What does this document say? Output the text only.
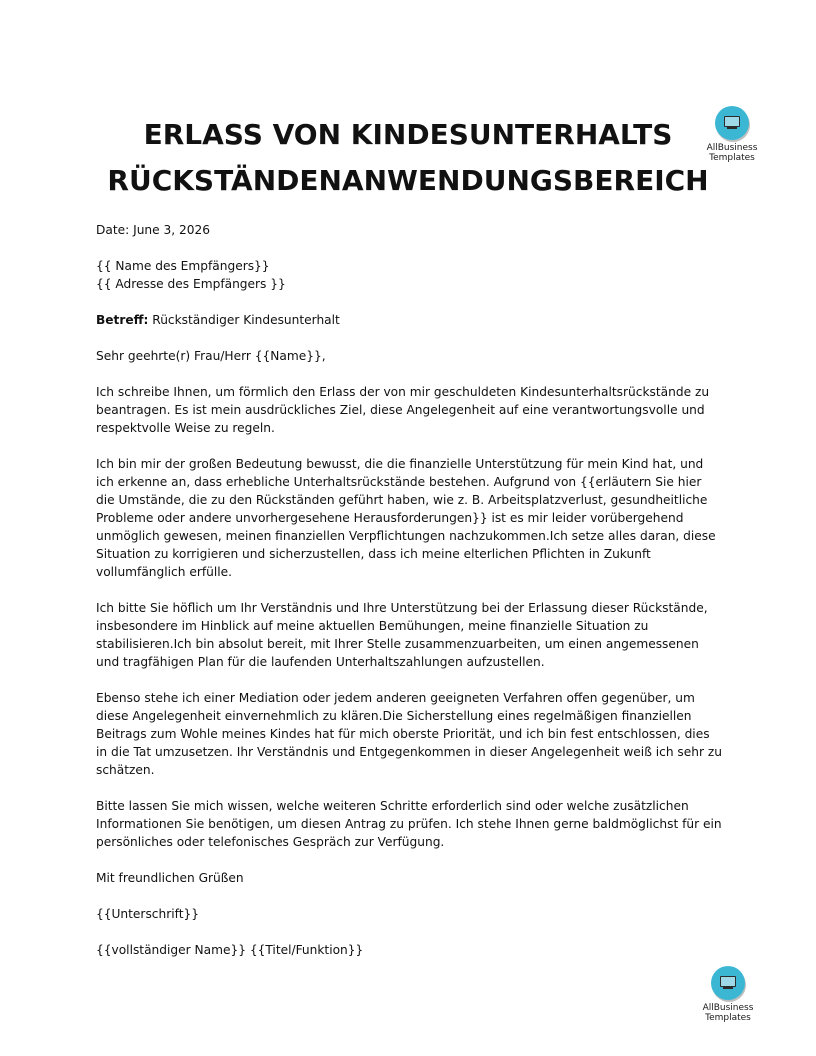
AllBusiness
Templates
ERLASS VON KINDESUNTERHALTS
RÜCKSTÄNDENANWENDUNGSBEREICH

Date: June 3, 2026

{{ Name des Empfängers}}

{{ Adresse des Empfängers }}

Betreff: Rückständiger Kindesunterhalt

Sehr geehrte(r) Frau/Herr {{Name}},

Ich schreibe Ihnen, um förmlich den Erlass der von mir geschuldeten Kindesunterhaltsrückstände zu beantragen. Es ist mein ausdrückliches Ziel, diese Angelegenheit auf eine verantwortungsvolle und respektvolle Weise zu regeln.

Ich bin mir der großen Bedeutung bewusst, die die finanzielle Unterstützung für mein Kind hat, und ich erkenne an, dass erhebliche Unterhaltsrückstände bestehen. Aufgrund von {{erläutern Sie hier die Umstände, die zu den Rückständen geführt haben, wie z. B. Arbeitsplatzverlust, gesundheitliche Probleme oder andere unvorhergesehene Herausforderungen}} ist es mir leider vorübergehend unmöglich gewesen, meinen finanziellen Verpflichtungen nachzukommen.Ich setze alles daran, diese Situation zu korrigieren und sicherzustellen, dass ich meine elterlichen Pflichten in Zukunft vollumfänglich erfülle.

Ich bitte Sie höflich um Ihr Verständnis und Ihre Unterstützung bei der Erlassung dieser Rückstände, insbesondere im Hinblick auf meine aktuellen Bemühungen, meine finanzielle Situation zu stabilisieren.Ich bin absolut bereit, mit Ihrer Stelle zusammenzuarbeiten, um einen angemessenen und tragfähigen Plan für die laufenden Unterhaltszahlungen aufzustellen.

Ebenso stehe ich einer Mediation oder jedem anderen geeigneten Verfahren offen gegenüber, um diese Angelegenheit einvernehmlich zu klären.Die Sicherstellung eines regelmäßigen finanziellen Beitrags zum Wohle meines Kindes hat für mich oberste Priorität, und ich bin fest entschlossen, dies in die Tat umzusetzen. Ihr Verständnis und Entgegenkommen in dieser Angelegenheit weiß ich sehr zu schätzen.

Bitte lassen Sie mich wissen, welche weiteren Schritte erforderlich sind oder welche zusätzlichen Informationen Sie benötigen, um diesen Antrag zu prüfen. Ich stehe Ihnen gerne baldmöglichst für ein persönliches oder telefonisches Gespräch zur Verfügung.

Mit freundlichen Grüßen

{{Unterschrift}}

{{vollständiger Name}} {{Titel/Funktion}}

AllBusiness
Templates
